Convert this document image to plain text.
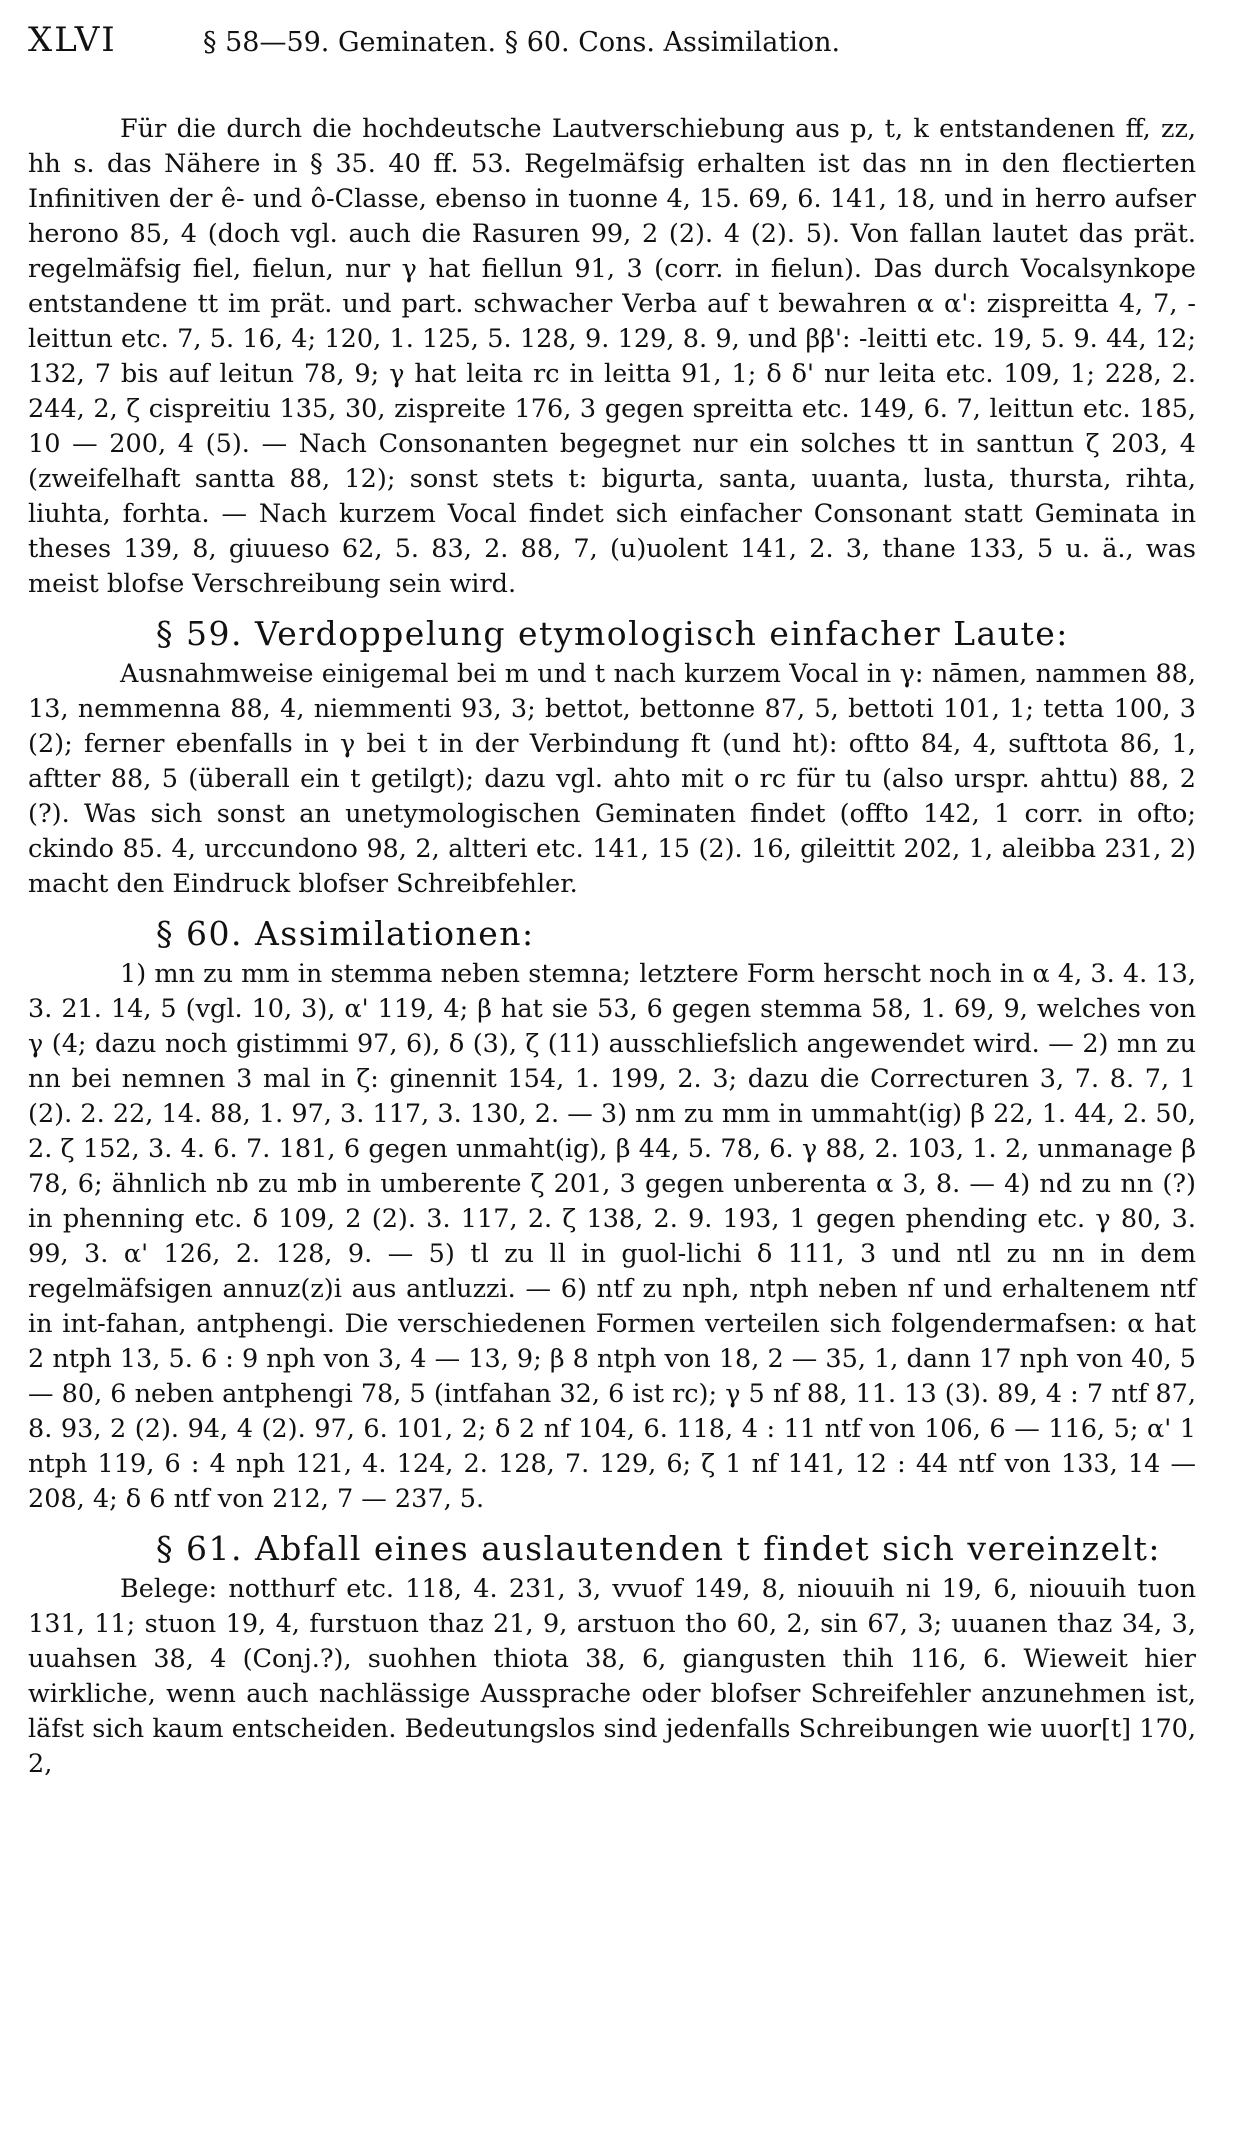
XLVI	§ 58—59. Geminaten. § 60. Cons. Assimilation.

Für die durch die hochdeutsche Lautverschiebung aus p, t, k entstandenen ff, zz, hh s. das Nähere in § 35. 40 ff. 53. Regelmäfsig erhalten ist das nn in den flectierten Infinitiven der ê- und ô-Classe, ebenso in tuonne 4, 15. 69, 6. 141, 18, und in herro aufser herono 85, 4 (doch vgl. auch die Rasuren 99, 2 (2). 4 (2). 5). Von fallan lautet das prät. regelmäfsig fiel, fielun, nur γ hat fiellun 91, 3 (corr. in fielun). Das durch Vocalsynkope entstandene tt im prät. und part. schwacher Verba auf t bewahren α α': zispreitta 4, 7, -leittun etc. 7, 5. 16, 4; 120, 1. 125, 5. 128, 9. 129, 8. 9, und ββ': -leitti etc. 19, 5. 9. 44, 12; 132, 7 bis auf leitun 78, 9; γ hat leita rc in leitta 91, 1; δ δ' nur leita etc. 109, 1; 228, 2. 244, 2, ζ cispreitiu 135, 30, zispreite 176, 3 gegen spreitta etc. 149, 6. 7, leittun etc. 185, 10 — 200, 4 (5). — Nach Consonanten begegnet nur ein solches tt in santtun ζ 203, 4 (zweifelhaft santta 88, 12); sonst stets t: bigurta, santa, uuanta, lusta, thursta, rihta, liuhta, forhta. — Nach kurzem Vocal findet sich einfacher Consonant statt Geminata in theses 139, 8, giuueso 62, 5. 83, 2. 88, 7, (u)uolent 141, 2. 3, thane 133, 5 u. ä., was meist blofse Verschreibung sein wird.

§ 59. Verdoppelung etymologisch einfacher Laute:

Ausnahmweise einigemal bei m und t nach kurzem Vocal in γ: nāmen, nammen 88, 13, nemmenna 88, 4, niemmenti 93, 3; bettot, bettonne 87, 5, bettoti 101, 1; tetta 100, 3 (2); ferner ebenfalls in γ bei t in der Verbindung ft (und ht): oftto 84, 4, sufttota 86, 1, aftter 88, 5 (überall ein t getilgt); dazu vgl. ahto mit o rc für tu (also urspr. ahttu) 88, 2 (?). Was sich sonst an unetymologischen Geminaten findet (offto 142, 1 corr. in ofto; ckindo 85. 4, urccundono 98, 2, altteri etc. 141, 15 (2). 16, gileittit 202, 1, aleibba 231, 2) macht den Eindruck blofser Schreibfehler.

§ 60. Assimilationen:

1) mn zu mm in stemma neben stemna; letztere Form herscht noch in α 4, 3. 4. 13, 3. 21. 14, 5 (vgl. 10, 3), α' 119, 4; β hat sie 53, 6 gegen stemma 58, 1. 69, 9, welches von γ (4; dazu noch gistimmi 97, 6), δ (3), ζ (11) ausschliefslich angewendet wird. — 2) mn zu nn bei nemnen 3 mal in ζ: ginennit 154, 1. 199, 2. 3; dazu die Correcturen 3, 7. 8. 7, 1 (2). 2. 22, 14. 88, 1. 97, 3. 117, 3. 130, 2. — 3) nm zu mm in ummaht(ig) β 22, 1. 44, 2. 50, 2. ζ 152, 3. 4. 6. 7. 181, 6 gegen unmaht(ig), β 44, 5. 78, 6. γ 88, 2. 103, 1. 2, unmanage β 78, 6; ähnlich nb zu mb in umberente ζ 201, 3 gegen unberenta α 3, 8. — 4) nd zu nn (?) in phenning etc. δ 109, 2 (2). 3. 117, 2. ζ 138, 2. 9. 193, 1 gegen phending etc. γ 80, 3. 99, 3. α' 126, 2. 128, 9. — 5) tl zu ll in guol-lichi δ 111, 3 und ntl zu nn in dem regelmäfsigen annuz(z)i aus antluzzi. — 6) ntf zu nph, ntph neben nf und erhaltenem ntf in int-fahan, antphengi. Die verschiedenen Formen verteilen sich folgendermafsen: α hat 2 ntph 13, 5. 6 : 9 nph von 3, 4 — 13, 9; β 8 ntph von 18, 2 — 35, 1, dann 17 nph von 40, 5 — 80, 6 neben antphengi 78, 5 (intfahan 32, 6 ist rc); γ 5 nf 88, 11. 13 (3). 89, 4 : 7 ntf 87, 8. 93, 2 (2). 94, 4 (2). 97, 6. 101, 2; δ 2 nf 104, 6. 118, 4 : 11 ntf von 106, 6 — 116, 5; α' 1 ntph 119, 6 : 4 nph 121, 4. 124, 2. 128, 7. 129, 6; ζ 1 nf 141, 12 : 44 ntf von 133, 14 — 208, 4; δ 6 ntf von 212, 7 — 237, 5.

§ 61. Abfall eines auslautenden t findet sich vereinzelt:

Belege: notthurf etc. 118, 4. 231, 3, vvuof 149, 8, niouuih ni 19, 6, niouuih tuon 131, 11; stuon 19, 4, furstuon thaz 21, 9, arstuon tho 60, 2, sin 67, 3; uuanen thaz 34, 3, uuahsen 38, 4 (Conj.?), suohhen thiota 38, 6, giangusten thih 116, 6. Wieweit hier wirkliche, wenn auch nachlässige Aussprache oder blofser Schreifehler anzunehmen ist, läfst sich kaum entscheiden. Bedeutungslos sind jedenfalls Schreibungen wie uuor[t] 170, 2,
